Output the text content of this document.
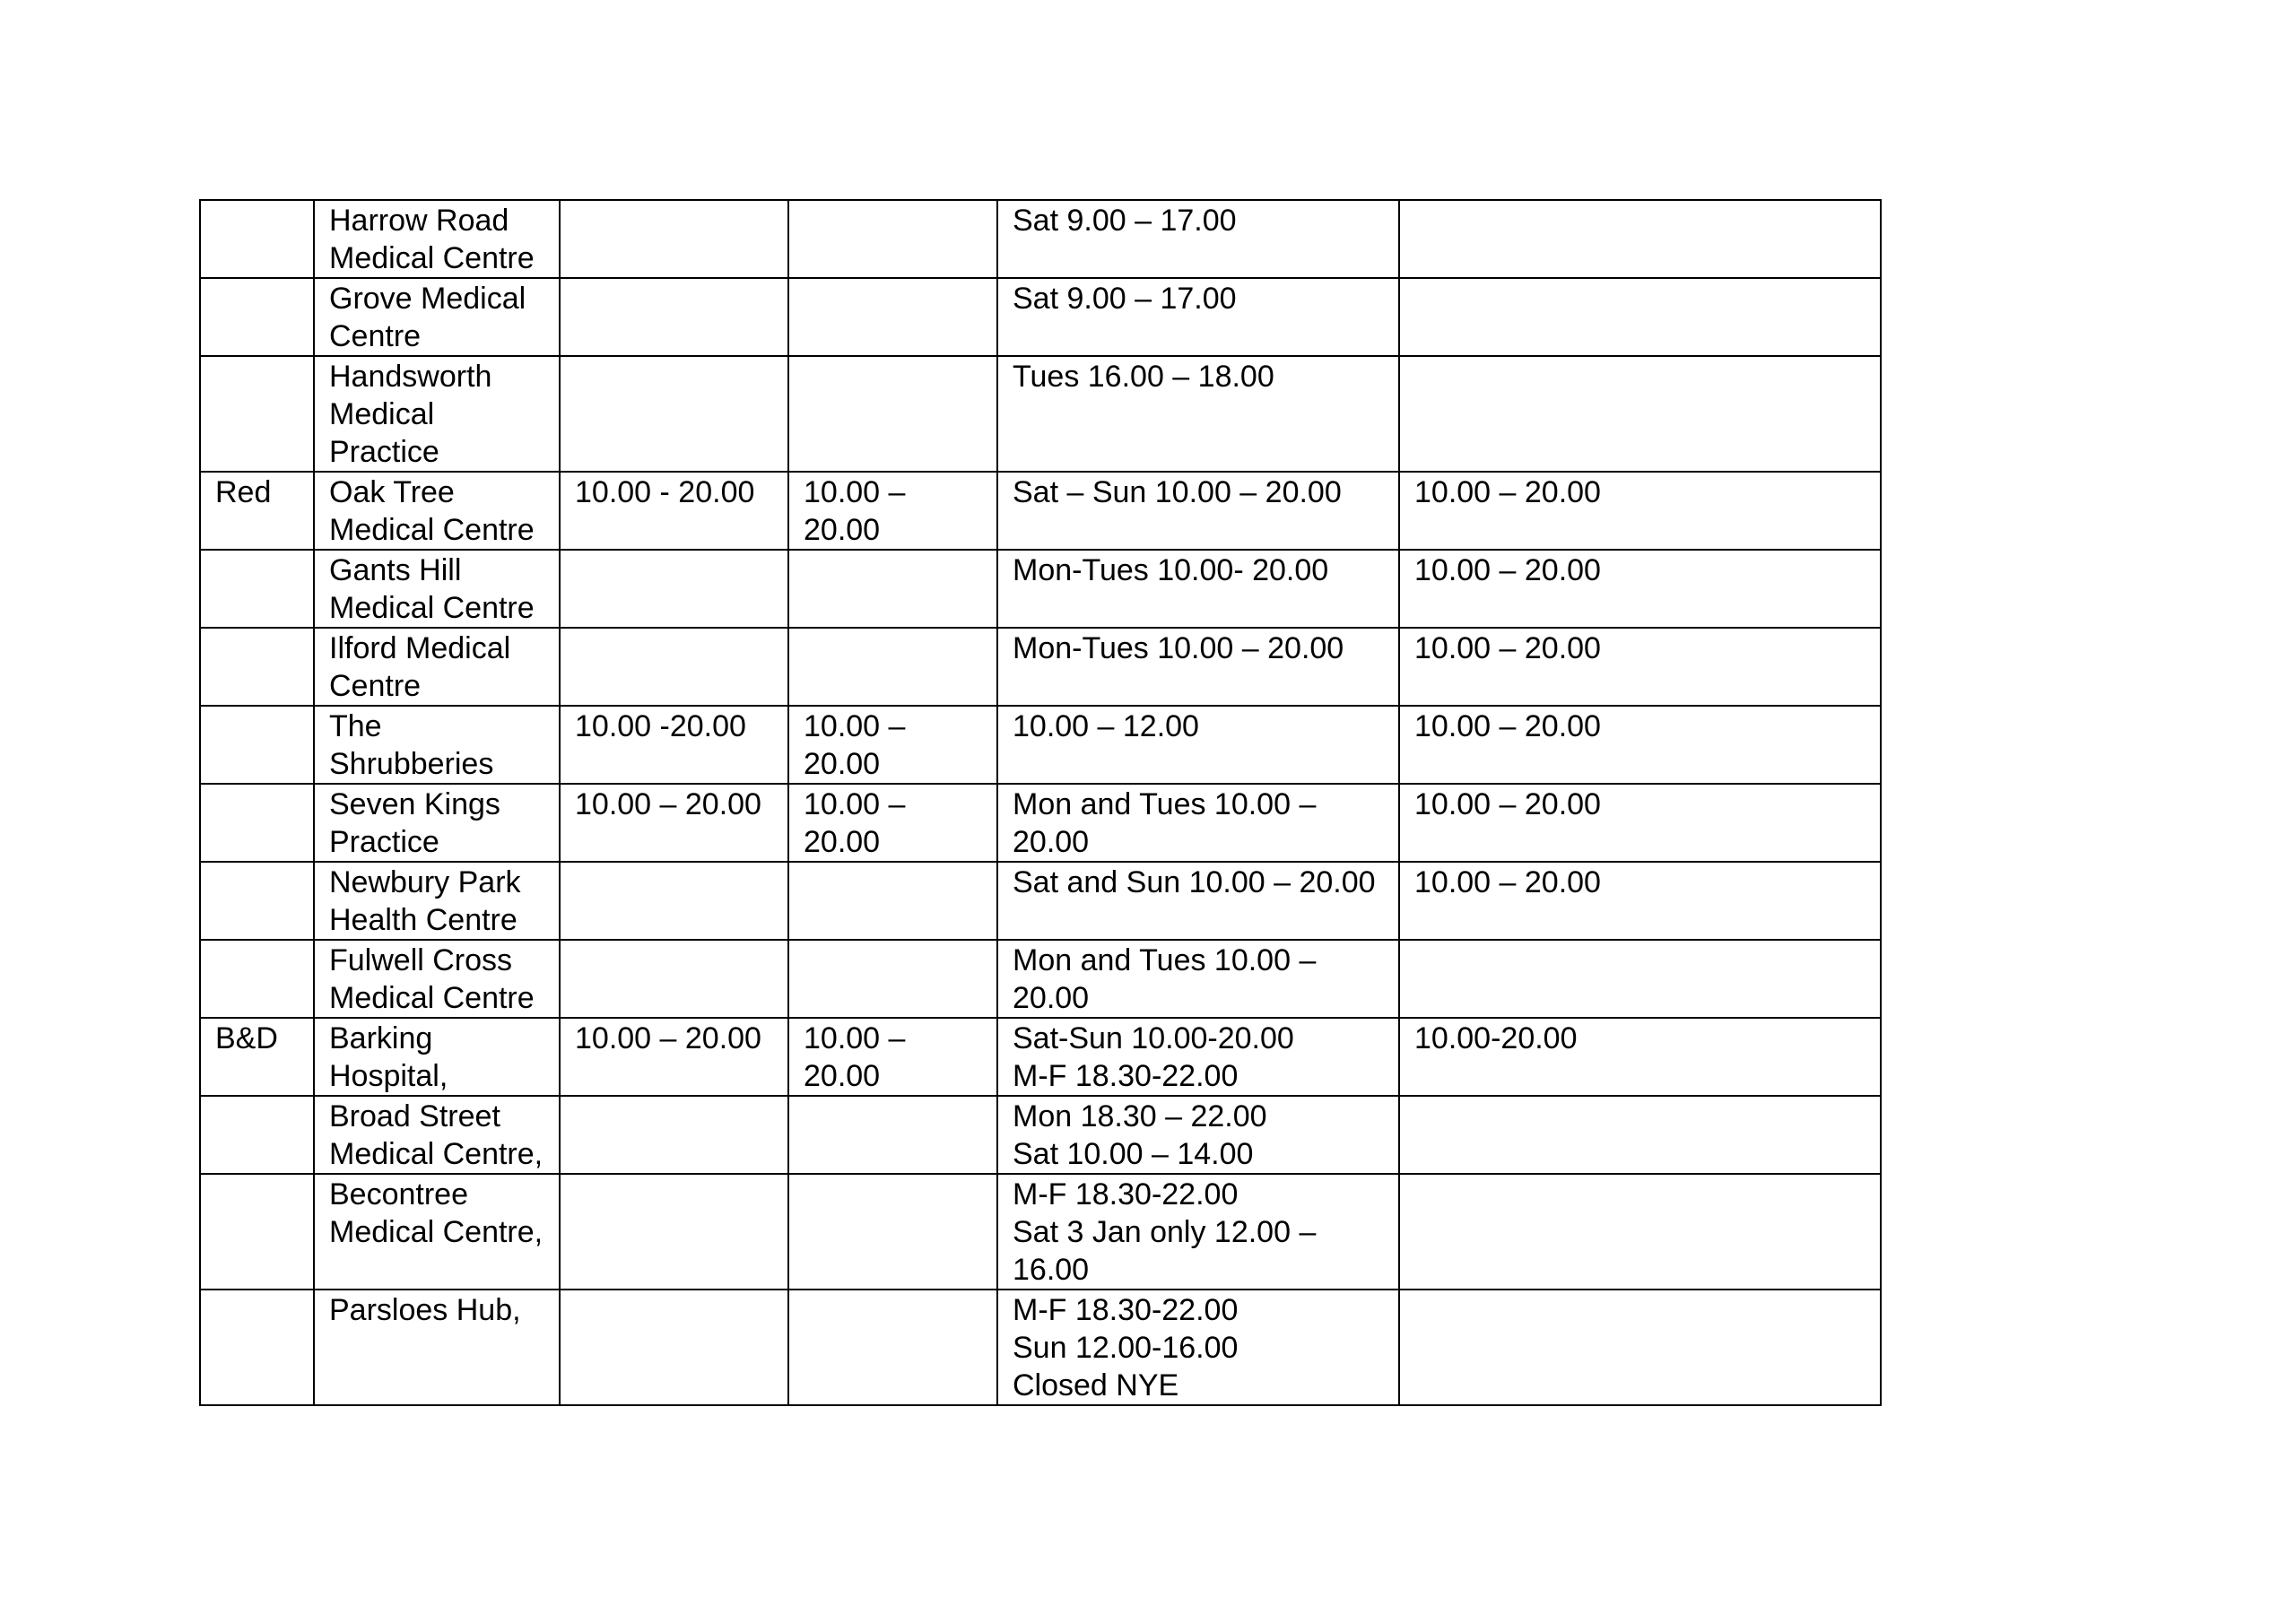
	Harrow Road
Medical Centre			Sat 9.00 – 17.00	

	Grove Medical
Centre			Sat 9.00 – 17.00	

	Handsworth
Medical
Practice			Tues 16.00 – 18.00	

Red	Oak Tree
Medical Centre	10.00 - 20.00	10.00 –
20.00	Sat – Sun 10.00 – 20.00	10.00 – 20.00

	Gants Hill
Medical Centre			Mon-Tues 10.00- 20.00	10.00 – 20.00

	Ilford Medical
Centre			Mon-Tues 10.00 – 20.00	10.00 – 20.00

	The
Shrubberies	10.00 -20.00	10.00 –
20.00	10.00 – 12.00	10.00 – 20.00

	Seven Kings
Practice	10.00 – 20.00	10.00 –
20.00	Mon and Tues 10.00 –
20.00	10.00 – 20.00

	Newbury Park
Health Centre			Sat and Sun 10.00 – 20.00	10.00 – 20.00

	Fulwell Cross
Medical Centre			Mon and Tues 10.00 –
20.00	

B&D	Barking
Hospital,	10.00 – 20.00	10.00 –
20.00	Sat-Sun 10.00-20.00
M-F 18.30-22.00	10.00-20.00

	Broad Street
Medical Centre,			Mon 18.30 – 22.00
Sat 10.00 – 14.00	

	Becontree
Medical Centre,			M-F 18.30-22.00
Sat 3 Jan only 12.00 –
16.00	

	Parsloes Hub,			M-F 18.30-22.00
Sun 12.00-16.00
Closed NYE	
